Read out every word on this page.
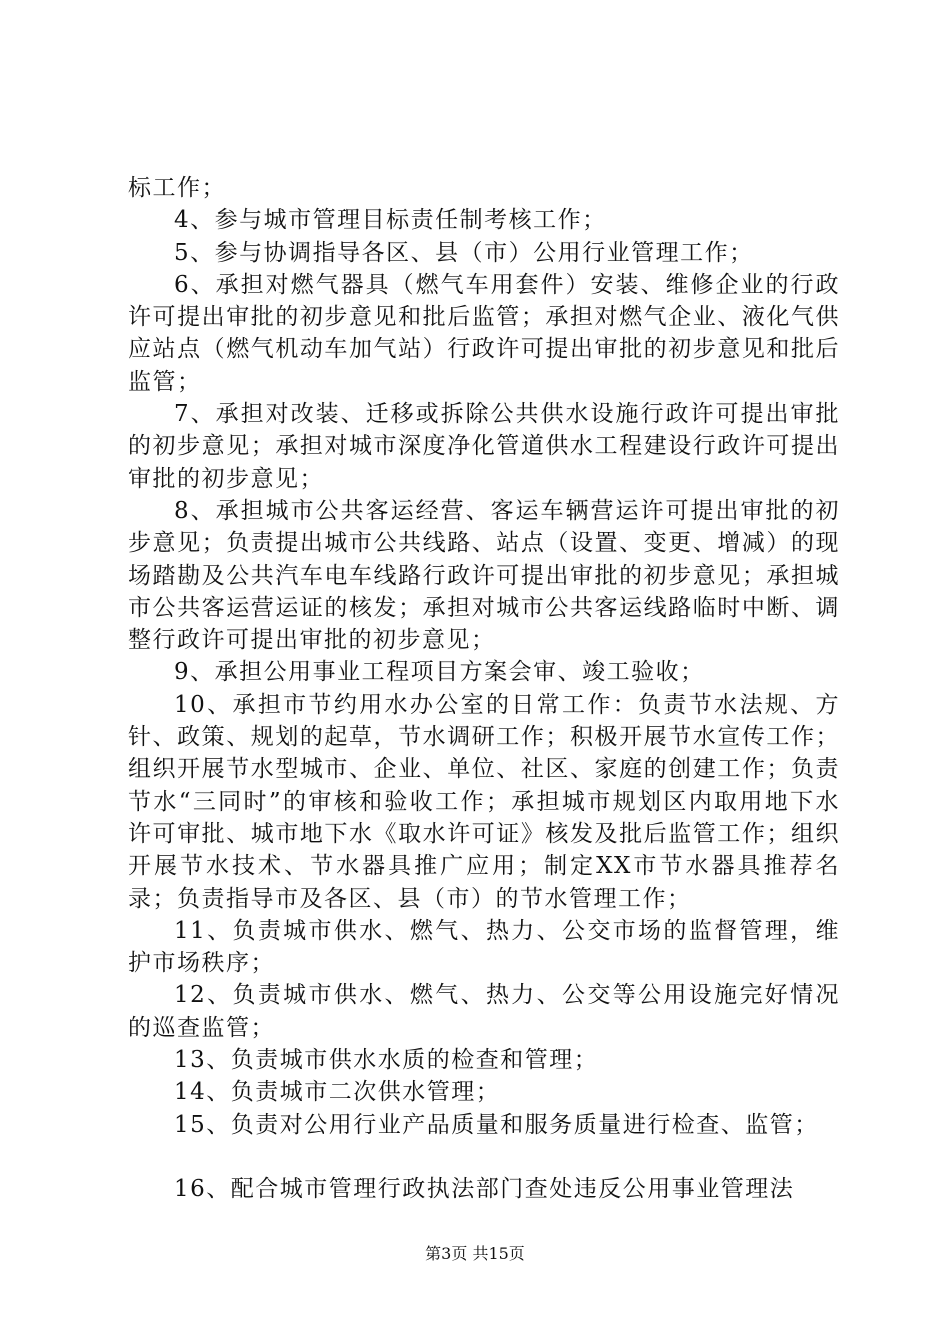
标工作；

4、参与城市管理目标责任制考核工作；

5、参与协调指导各区、县（市）公用行业管理工作；

6、承担对燃气器具（燃气车用套件）安装、维修企业的行政许可提出审批的初步意见和批后监管；承担对燃气企业、液化气供应站点（燃气机动车加气站）行政许可提出审批的初步意见和批后监管；

7、承担对改装、迁移或拆除公共供水设施行政许可提出审批的初步意见；承担对城市深度净化管道供水工程建设行政许可提出审批的初步意见；

8、承担城市公共客运经营、客运车辆营运许可提出审批的初步意见；负责提出城市公共线路、站点（设置、变更、增减）的现场踏勘及公共汽车电车线路行政许可提出审批的初步意见；承担城市公共客运营运证的核发；承担对城市公共客运线路临时中断、调整行政许可提出审批的初步意见；

9、承担公用事业工程项目方案会审、竣工验收；

10、承担市节约用水办公室的日常工作：负责节水法规、方针、政策、规划的起草，节水调研工作；积极开展节水宣传工作；组织开展节水型城市、企业、单位、社区、家庭的创建工作；负责节水“三同时”的审核和验收工作；承担城市规划区内取用地下水许可审批、城市地下水《取水许可证》核发及批后监管工作；组织开展节水技术、节水器具推广应用；制定XX市节水器具推荐名录；负责指导市及各区、县（市）的节水管理工作；

11、负责城市供水、燃气、热力、公交市场的监督管理，维护市场秩序；

12、负责城市供水、燃气、热力、公交等公用设施完好情况的巡查监管；

13、负责城市供水水质的检查和管理；

14、负责城市二次供水管理；

15、负责对公用行业产品质量和服务质量进行检查、监管；

16、配合城市管理行政执法部门查处违反公用事业管理法

第3页 共15页
